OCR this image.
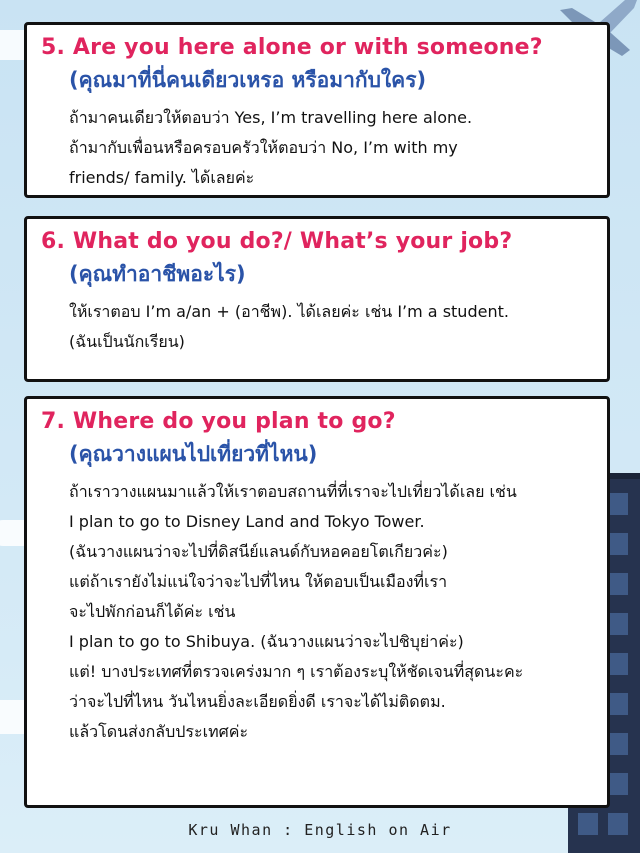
5. Are you here alone or with someone?
(คุณมาที่นี่คนเดียวเหรอ หรือมากับใคร)
ถ้ามาคนเดียวให้ตอบว่า Yes, I’m travelling here alone.
ถ้ามากับเพื่อนหรือครอบครัวให้ตอบว่า No, I’m with my
friends/ family. ได้เลยค่ะ
6. What do you do?/ What’s your job?
(คุณทำอาชีพอะไร)
ให้เราตอบ I’m a/an + (อาชีพ). ได้เลยค่ะ เช่น I’m a student.
(ฉันเป็นนักเรียน)
7. Where do you plan to go?
(คุณวางแผนไปเที่ยวที่ไหน)
ถ้าเราวางแผนมาแล้วให้เราตอบสถานที่ที่เราจะไปเที่ยวได้เลย เช่น
I plan to go to Disney Land and Tokyo Tower.
(ฉันวางแผนว่าจะไปที่ดิสนีย์แลนด์กับหอคอยโตเกียวค่ะ)
แต่ถ้าเรายังไม่แน่ใจว่าจะไปที่ไหน ให้ตอบเป็นเมืองที่เรา
จะไปพักก่อนก็ได้ค่ะ เช่น
I plan to go to Shibuya. (ฉันวางแผนว่าจะไปชิบุย่าค่ะ)
แต่! บางประเทศที่ตรวจเคร่งมาก ๆ เราต้องระบุให้ชัดเจนที่สุดนะคะ
ว่าจะไปที่ไหน วันไหนยิ่งละเอียดยิ่งดี เราจะได้ไม่ติดตม.
แล้วโดนส่งกลับประเทศค่ะ
Kru Whan : English on Air
